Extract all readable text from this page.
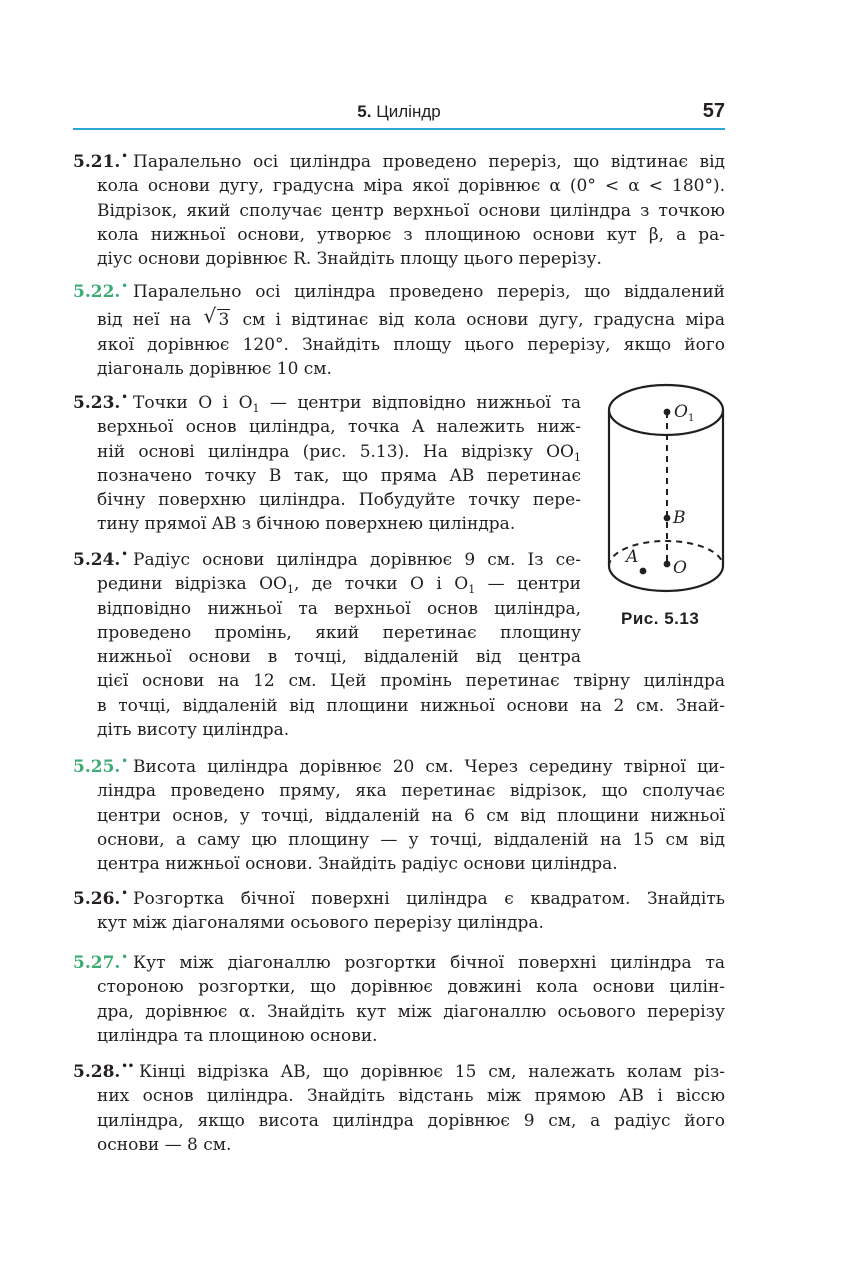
5. Циліндр	57
5.21.• Паралельно осі циліндра проведено переріз, що відтинає від
кола основи дугу, градусна міра якої дорівнює α (0° < α < 180°).
Відрізок, який сполучає центр верхньої основи циліндра з точкою
кола нижньої основи, утворює з площиною основи кут β, а ра-
діус основи дорівнює R. Знайдіть площу цього перерізу.
5.22.• Паралельно осі циліндра проведено переріз, що віддалений
від неї на √ 3 см і відтинає від кола основи дугу, градусна міра
якої дорівнює 120°. Знайдіть площу цього перерізу, якщо його
діагональ дорівнює 10 см.
5.23.• Точки O і $O_1$ — центри відповідно нижньої та
верхньої основ циліндра, точка A належить ниж-
ній основі циліндра (рис. 5.13). На відрізку $OO_1$
позначено точку B так, що пряма AB перетинає
бічну поверхню циліндра. Побудуйте точку пере-
тину прямої AB з бічною поверхнею циліндра.
5.24.• Радіус основи циліндра дорівнює 9 см. Із се-
редини відрізка $OO_1$, де точки O і $O_1$ — центри
відповідно нижньої та верхньої основ циліндра,
проведено промінь, який перетинає площину
нижньої основи в точці, віддаленій від центра
цієї основи на 12 см. Цей промінь перетинає твірну циліндра
в точці, віддаленій від площини нижньої основи на 2 см. Знай-
діть висоту циліндра.
5.25.• Висота циліндра дорівнює 20 см. Через середину твірної ци-
ліндра проведено пряму, яка перетинає відрізок, що сполучає
центри основ, у точці, віддаленій на 6 см від площини нижньої
основи, а саму цю площину — у точці, віддаленій на 15 см від
центра нижньої основи. Знайдіть радіус основи циліндра.
5.26.• Розгортка бічної поверхні циліндра є квадратом. Знайдіть
кут між діагоналями осьового перерізу циліндра.
5.27.• Кут між діагоналлю розгортки бічної поверхні циліндра та
стороною розгортки, що дорівнює довжині кола основи цилін-
дра, дорівнює α. Знайдіть кут між діагоналлю осьового перерізу
циліндра та площиною основи.
5.28.•• Кінці відрізка AB, що дорівнює 15 см, належать колам різ-
них основ циліндра. Знайдіть відстань між прямою AB і віссю
циліндра, якщо висота циліндра дорівнює 9 см, а радіус його
основи — 8 см.
$O_1$
B
A
O
Рис. 5.13
